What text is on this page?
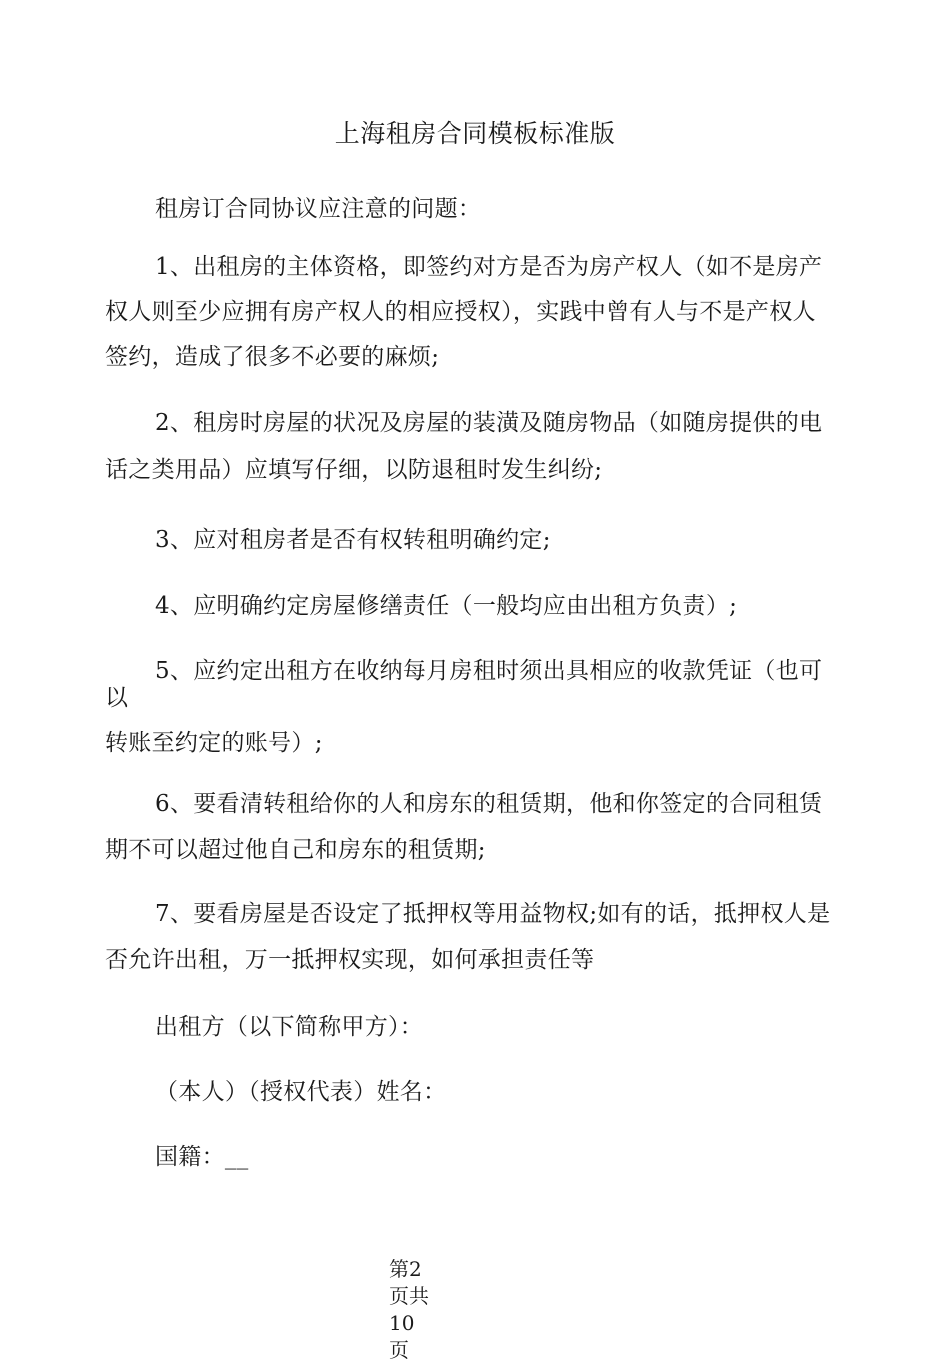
上海租房合同模板标准版
租房订合同协议应注意的问题：
1、出租房的主体资格，即签约对方是否为房产权人（如不是房产
权人则至少应拥有房产权人的相应授权），实践中曾有人与不是产权人
签约，造成了很多不必要的麻烦;
2、租房时房屋的状况及房屋的装潢及随房物品（如随房提供的电
话之类用品）应填写仔细，以防退租时发生纠纷;
3、应对租房者是否有权转租明确约定;
4、应明确约定房屋修缮责任（一般均应由出租方负责）;
5、应约定出租方在收纳每月房租时须出具相应的收款凭证（也可
以
转账至约定的账号）;
6、要看清转租给你的人和房东的租赁期，他和你签定的合同租赁
期不可以超过他自己和房东的租赁期;
7、要看房屋是否设定了抵押权等用益物权;如有的话，抵押权人是
否允许出租，万一抵押权实现，如何承担责任等
出租方（以下简称甲方）：
（本人）（授权代表）姓名：
国籍：__
第2
页共
10
页
